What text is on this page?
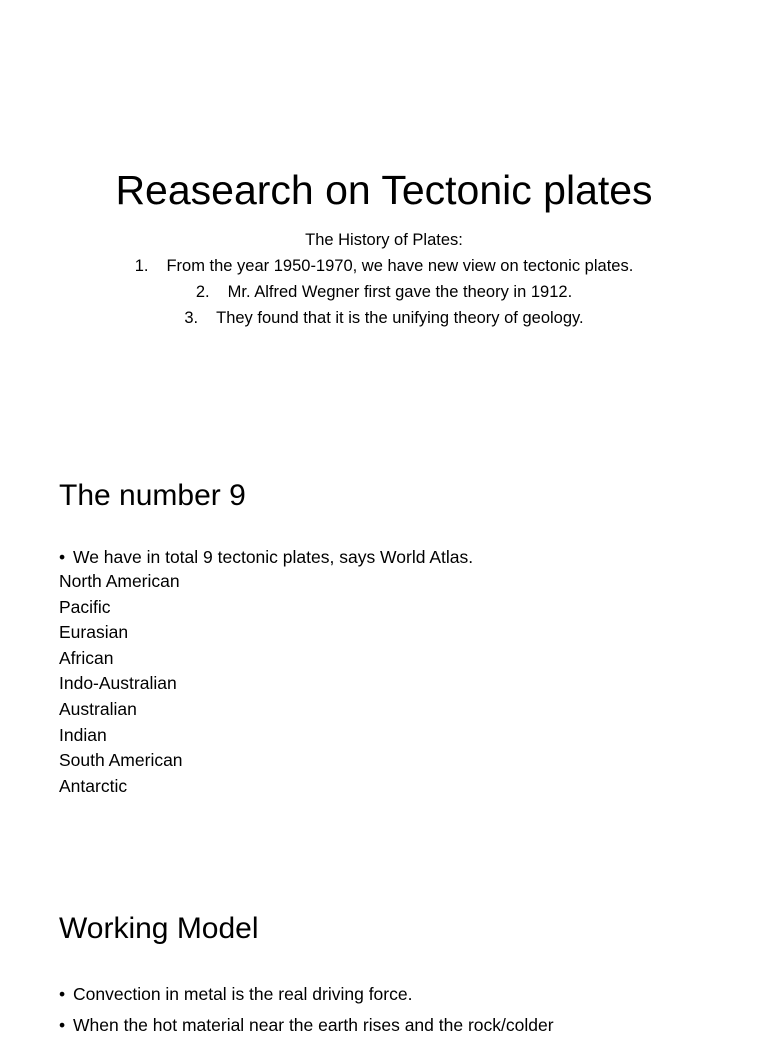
Reasearch on Tectonic plates
The History of Plates:
1. From the year 1950-1970, we have new view on tectonic plates.
2. Mr. Alfred Wegner first gave the theory in 1912.
3. They found that it is the unifying theory of geology.
The number 9
• We have in total 9 tectonic plates, says World Atlas.
North American
Pacific
Eurasian
African
Indo-Australian
Australian
Indian
South American
Antarctic
Working Model
• Convection in metal is the real driving force.
• When the hot material near the earth rises and the rock/colder
